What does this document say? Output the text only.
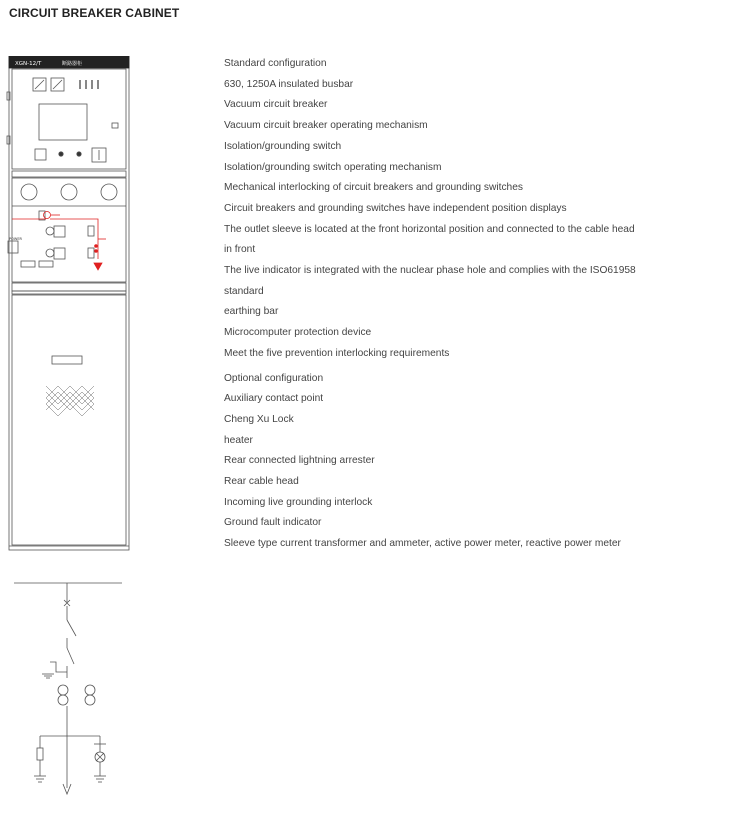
CIRCUIT BREAKER CABINET
XGN-12/T	断路器柜
POWER
Standard configuration
630, 1250A insulated busbar
Vacuum circuit breaker
Vacuum circuit breaker operating mechanism
Isolation/grounding switch
Isolation/grounding switch operating mechanism
Mechanical interlocking of circuit breakers and grounding switches
Circuit breakers and grounding switches have independent position displays
The outlet sleeve is located at the front horizontal position and connected to the cable head
in front
The live indicator is integrated with the nuclear phase hole and complies with the ISO61958
standard
earthing bar
Microcomputer protection device
Meet the five prevention interlocking requirements
Optional configuration
Auxiliary contact point
Cheng Xu Lock
heater
Rear connected lightning arrester
Rear cable head
Incoming live grounding interlock
Ground fault indicator
Sleeve type current transformer and ammeter, active power meter, reactive power meter
